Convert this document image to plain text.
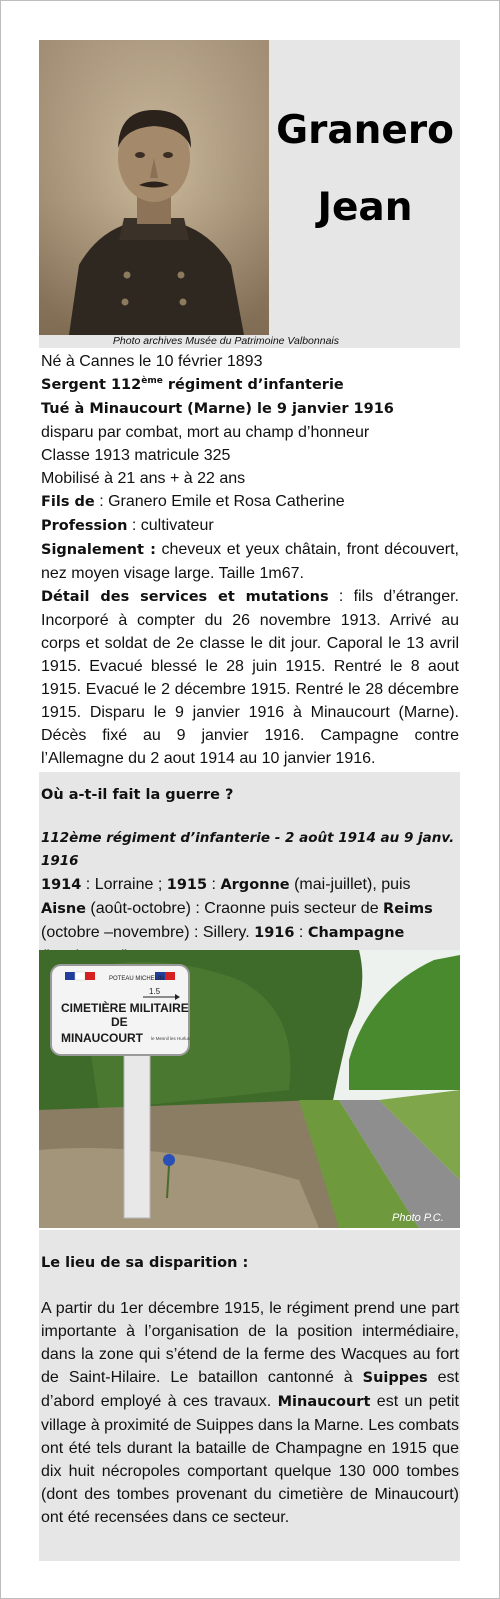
Granero
Jean
Photo archives Musée du Patrimoine Valbonnais

Né à Cannes le 10 février 1893

Sergent 112ème régiment d’infanterie

Tué à Minaucourt (Marne) le 9 janvier 1916

disparu par combat, mort au champ d’honneur

Classe 1913 matricule 325

Mobilisé à 21 ans + à 22 ans

Fils de : Granero Emile et Rosa Catherine

Profession : cultivateur

Signalement : cheveux et yeux châtain, front découvert, nez moyen visage large. Taille 1m67.

Détail des services et mutations : fils d’étranger. Incorporé à compter du 26 novembre 1913. Arrivé au corps et soldat de 2e classe le dit jour. Caporal le 13 avril 1915. Evacué blessé le 28 juin 1915. Rentré le 8 aout 1915. Evacué le 2 décembre 1915. Rentré le 28 décembre 1915. Disparu le 9 janvier 1916 à Minaucourt (Marne). Décès fixé au 9 janvier 1916. Campagne contre l’Allemagne du 2 aout 1914 au 10 janvier 1916.

Où a-t-il fait la guerre ?

112ème régiment d’infanterie - 2 août 1914 au 9 janv. 1916

1914 : Lorraine ; 1915 : Argonne (mai-juillet), puis Aisne (août-octobre) : Craonne puis secteur de Reims (octobre –novembre) : Sillery. 1916 : Champagne

POTEAU MICHELIN
1.5
CIMETIÈRE MILITAIRE
DE
MINAUCOURT le Mesnil les Hurlus
Photo P.C.
Le lieu de sa disparition :

A partir du 1er décembre 1915, le régiment prend une part importante à l’organisation de la position intermédiaire, dans la zone qui s’étend de la ferme des Wacques au fort de Saint-Hilaire. Le bataillon cantonné à Suippes est d’abord employé à ces travaux. Minaucourt est un petit village à proximité de Suippes dans la Marne. Les combats ont été tels durant la bataille de Champagne en 1915 que dix huit nécropoles comportant quelque 130 000 tombes (dont des tombes provenant du cimetière de Minaucourt) ont été recensées dans ce secteur.
